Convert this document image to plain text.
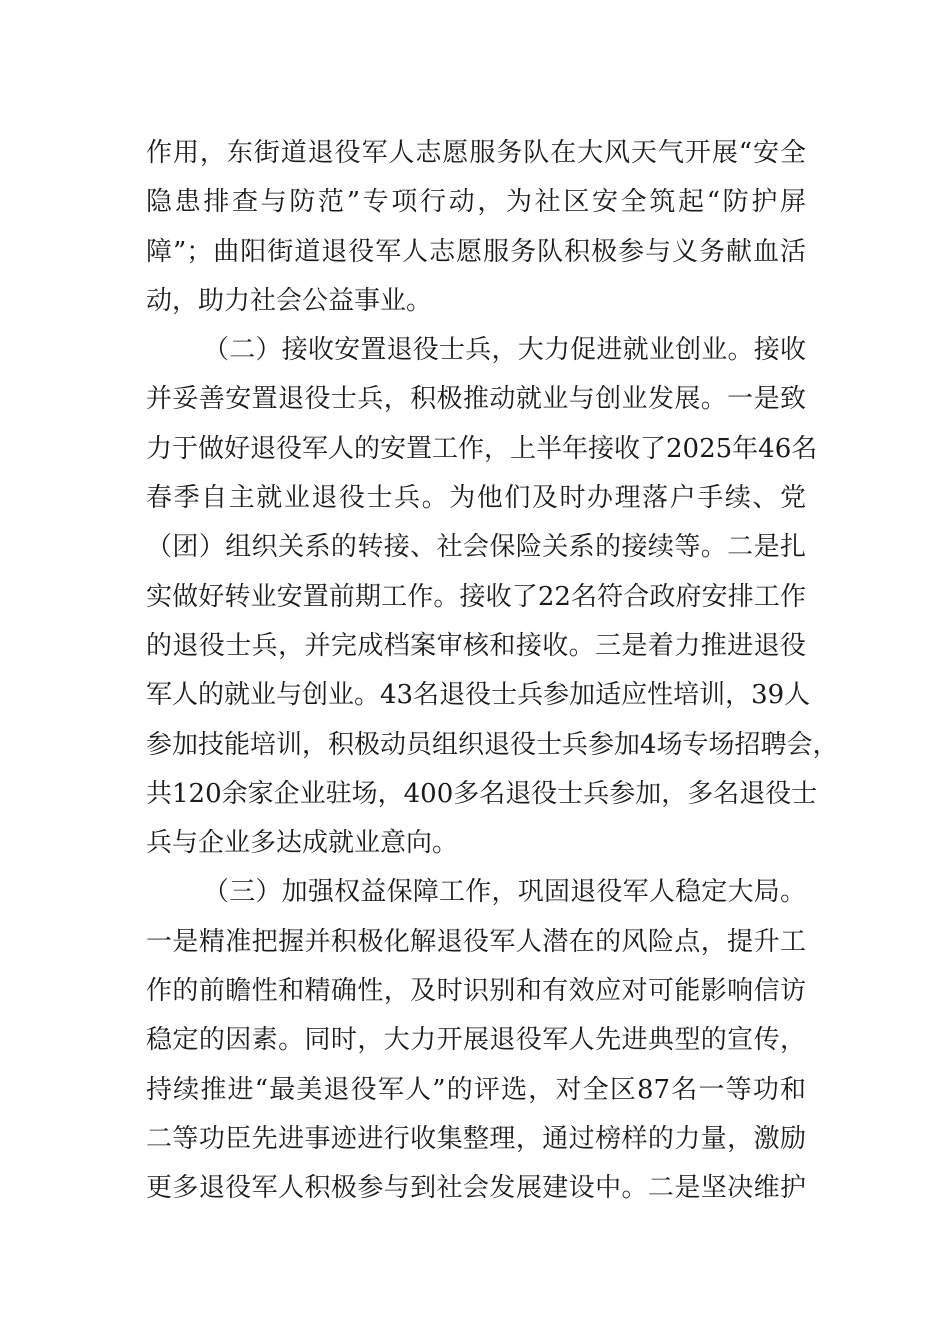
作用，东街道退役军人志愿服务队在大风天气开展“安全
隐患排查与防范”专项行动，为社区安全筑起“防护屏
障”；曲阳街道退役军人志愿服务队积极参与义务献血活
动，助力社会公益事业。
（二）接收安置退役士兵，大力促进就业创业。接收
并妥善安置退役士兵，积极推动就业与创业发展。一是致
力于做好退役军人的安置工作，上半年接收了2025年46名
春季自主就业退役士兵。为他们及时办理落户手续、党
（团）组织关系的转接、社会保险关系的接续等。二是扎
实做好转业安置前期工作。接收了22名符合政府安排工作
的退役士兵，并完成档案审核和接收。三是着力推进退役
军人的就业与创业。43名退役士兵参加适应性培训，39人
参加技能培训，积极动员组织退役士兵参加4场专场招聘会，
共120余家企业驻场，400多名退役士兵参加，多名退役士
兵与企业多达成就业意向。
（三）加强权益保障工作，巩固退役军人稳定大局。
一是精准把握并积极化解退役军人潜在的风险点，提升工
作的前瞻性和精确性，及时识别和有效应对可能影响信访
稳定的因素。同时，大力开展退役军人先进典型的宣传，
持续推进“最美退役军人”的评选，对全区87名一等功和
二等功臣先进事迹进行收集整理，通过榜样的力量，激励
更多退役军人积极参与到社会发展建设中。二是坚决维护
